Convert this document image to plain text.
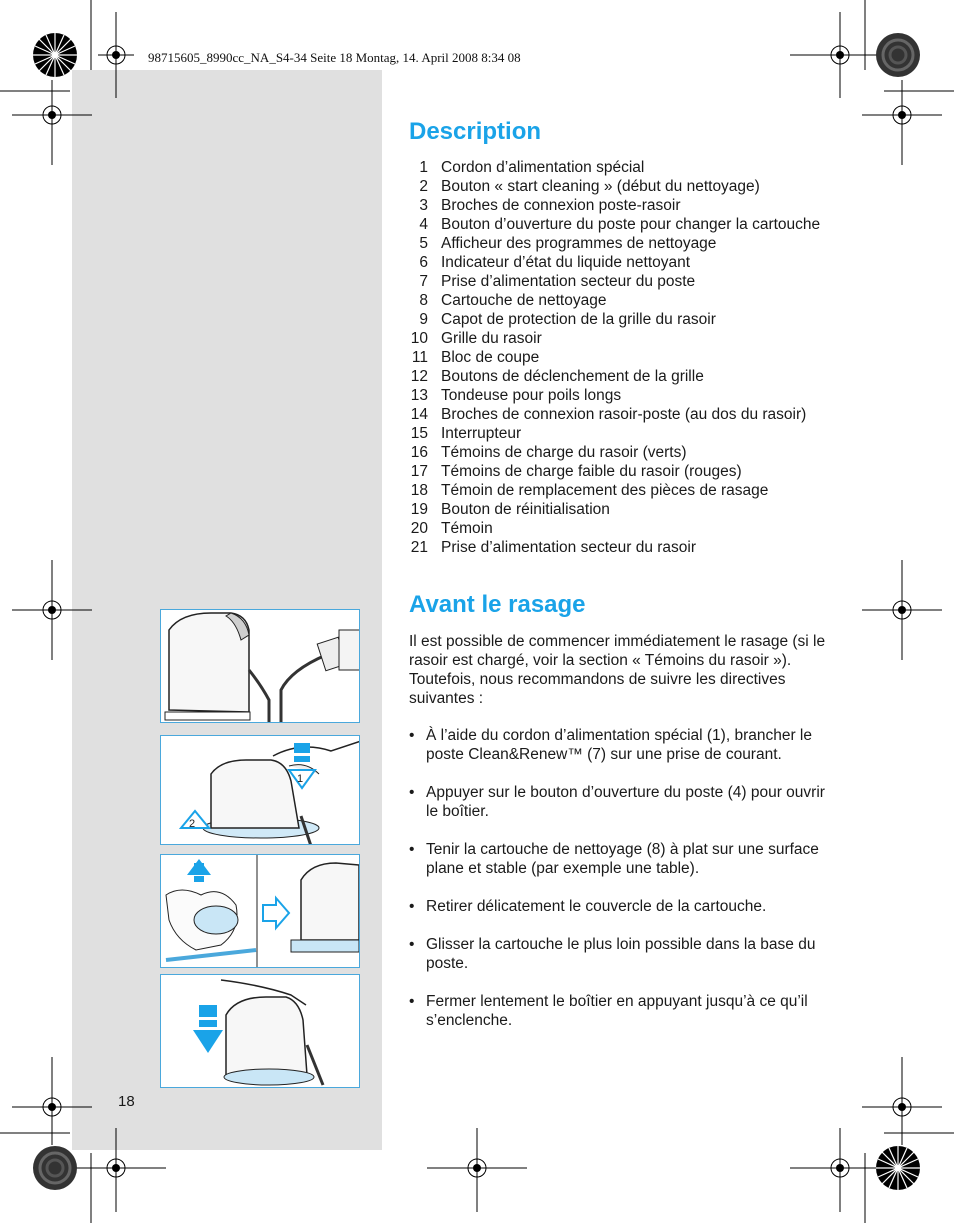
98715605_8990cc_NA_S4-34 Seite 18 Montag, 14. April 2008 8:34 08
Description
1 Cordon d’alimentation spécial
2 Bouton « start cleaning » (début du nettoyage)
3 Broches de connexion poste-rasoir
4 Bouton d’ouverture du poste pour changer la cartouche
5 Afficheur des programmes de nettoyage
6 Indicateur d’état du liquide nettoyant
7 Prise d’alimentation secteur du poste
8 Cartouche de nettoyage
9 Capot de protection de la grille du rasoir
10 Grille du rasoir
11 Bloc de coupe
12 Boutons de déclenchement de la grille
13 Tondeuse pour poils longs
14 Broches de connexion rasoir-poste (au dos du rasoir)
15 Interrupteur
16 Témoins de charge du rasoir (verts)
17 Témoins de charge faible du rasoir (rouges)
18 Témoin de remplacement des pièces de rasage
19 Bouton de réinitialisation
20 Témoin
21 Prise d’alimentation secteur du rasoir
Avant le rasage

Il est possible de commencer immédiatement le rasage (si le rasoir est chargé, voir la section « Témoins du rasoir »). Toutefois, nous recommandons de suivre les directives suivantes :

• À l’aide du cordon d’alimentation spécial (1), brancher le poste Clean&Renew™ (7) sur une prise de courant.
• Appuyer sur le bouton d’ouverture du poste (4) pour ouvrir le boîtier.
• Tenir la cartouche de nettoyage (8) à plat sur une surface plane et stable (par exemple une table).
• Retirer délicatement le couvercle de la cartouche.
• Glisser la cartouche le plus loin possible dans la base du poste.
• Fermer lentement le boîtier en appuyant jusqu’à ce qu’il s’enclenche.
1
2
18
